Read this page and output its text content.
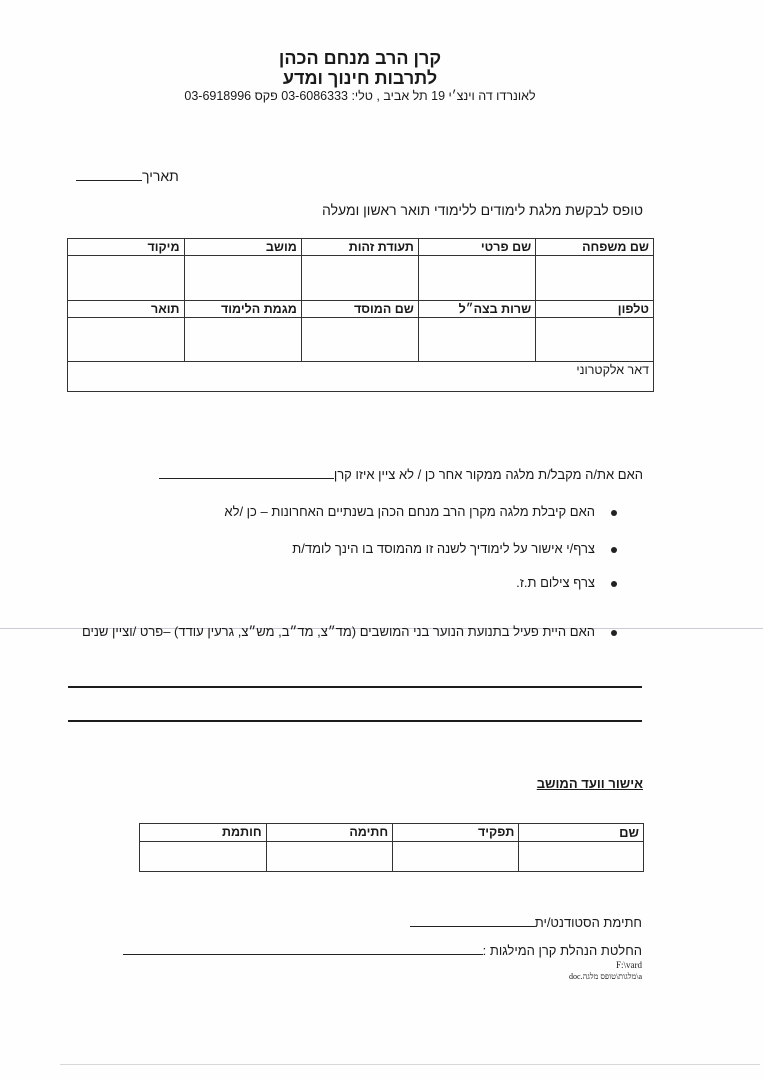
קרן הרב מנחם הכהן
לתרבות חינוך ומדע
לאונרדו דה וינצ׳י 19 תל אביב , טלי: 03-6086333 פקס 03-6918996
תאריך
טופס לבקשת מלגת לימודים ללימודי תואר ראשון ומעלה
שם משפחה	שם פרטי	תעודת זהות	מושב	מיקוד

טלפון	שרות בצה״ל	שם המוסד	מגמת הלימוד	תואר

דאר אלקטרוני				
האם את/ה מקבל/ת מלגה ממקור אחר כן / לא ציין איזו קרן
האם קיבלת מלגה מקרן הרב מנחם הכהן בשנתיים האחרונות – כן /לא
צרף/י אישור על לימודיך לשנה זו מהמוסד בו הינך לומד/ת
צרף צילום ת.ז.
האם היית פעיל בתנועת הנוער בני המושבים (מד״צ, מד״ב, מש״צ, גרעין עודד) –פרט /וציין שנים
אישור וועד המושב
שם	תפקיד	חתימה	חותמת

חתימת הסטודנט/ית
החלטת הנהלת קרן המילגות :
F:\vard
a\מלגות\טופס מלגה.doc
